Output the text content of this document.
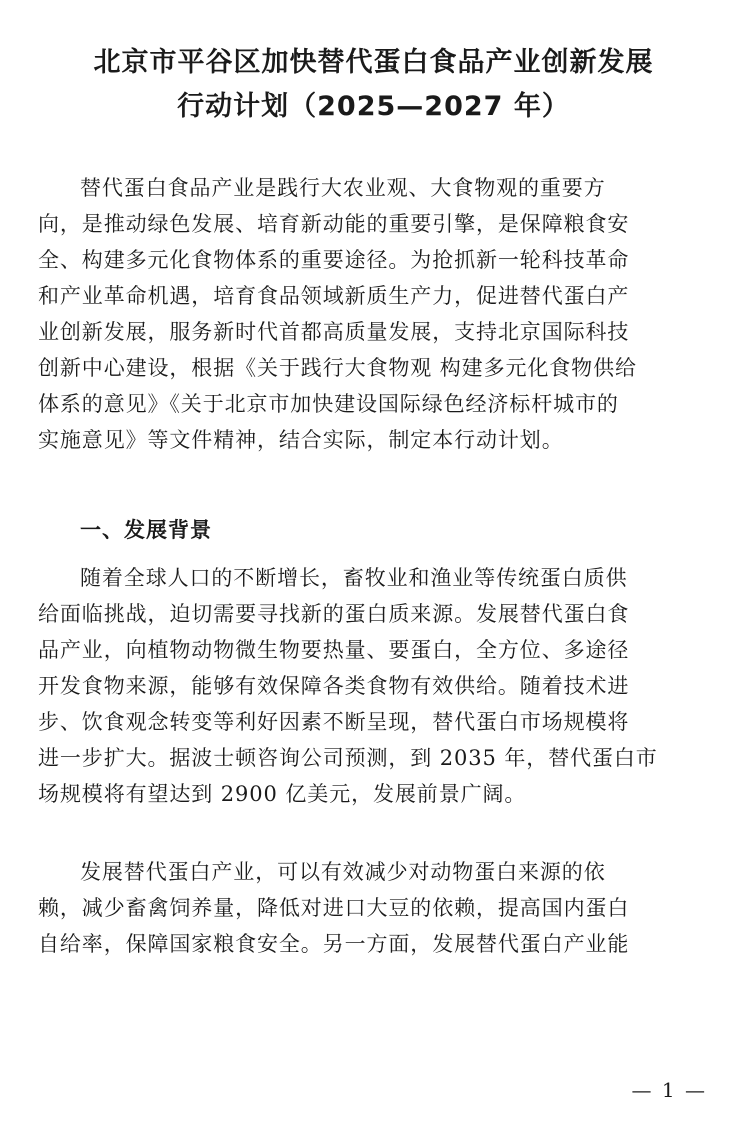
北京市平谷区加快替代蛋白食品产业创新发展
行动计划（2025—2027 年）
替代蛋白食品产业是践行大农业观、大食物观的重要方
向，是推动绿色发展、培育新动能的重要引擎，是保障粮食安
全、构建多元化食物体系的重要途径。为抢抓新一轮科技革命
和产业革命机遇，培育食品领域新质生产力，促进替代蛋白产
业创新发展，服务新时代首都高质量发展，支持北京国际科技
创新中心建设，根据《关于践行大食物观 构建多元化食物供给
体系的意见》《关于北京市加快建设国际绿色经济标杆城市的
实施意见》等文件精神，结合实际，制定本行动计划。
一、发展背景
随着全球人口的不断增长，畜牧业和渔业等传统蛋白质供
给面临挑战，迫切需要寻找新的蛋白质来源。发展替代蛋白食
品产业，向植物动物微生物要热量、要蛋白，全方位、多途径
开发食物来源，能够有效保障各类食物有效供给。随着技术进
步、饮食观念转变等利好因素不断呈现，替代蛋白市场规模将
进一步扩大。据波士顿咨询公司预测，到 2035 年，替代蛋白市
场规模将有望达到 2900 亿美元，发展前景广阔。
发展替代蛋白产业，可以有效减少对动物蛋白来源的依
赖，减少畜禽饲养量，降低对进口大豆的依赖，提高国内蛋白
自给率，保障国家粮食安全。另一方面，发展替代蛋白产业能
— 1 —
